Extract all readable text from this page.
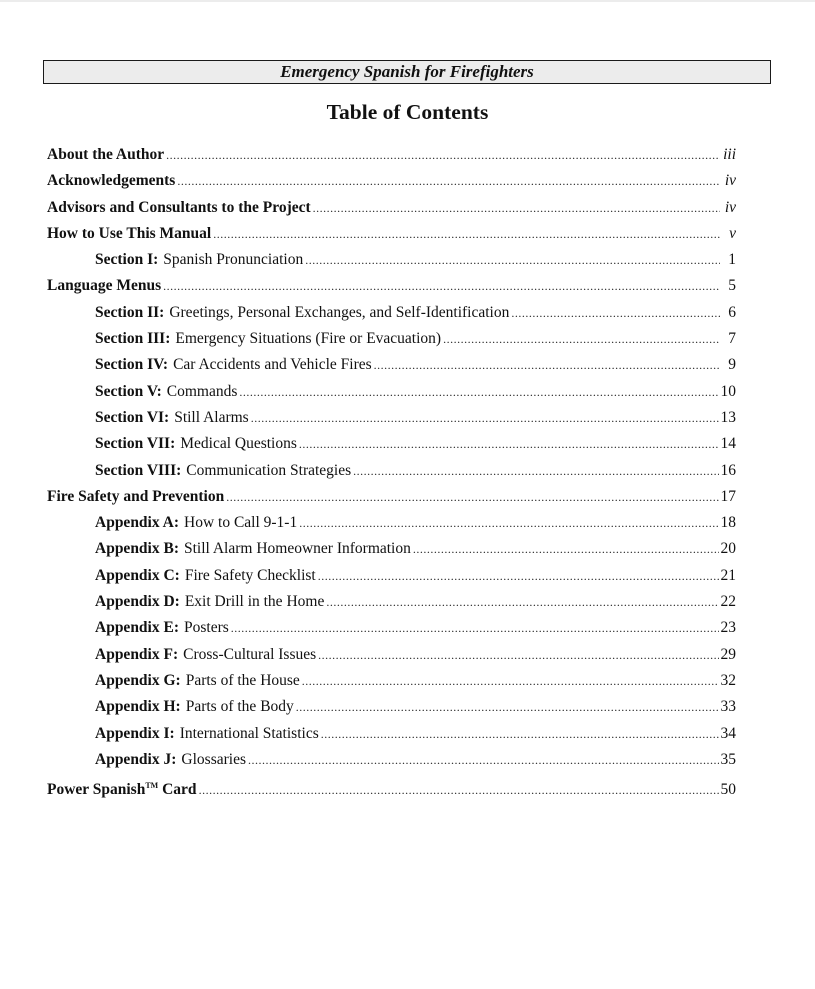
Emergency Spanish for Firefighters
Table of Contents
About the Author .....	iii
Acknowledgements .....	iv
Advisors and Consultants to the Project .....	iv
How to Use This Manual .....	v
Section I: Spanish Pronunciation .....	1
Language Menus .....	5
Section II: Greetings, Personal Exchanges, and Self-Identification .....	6
Section III: Emergency Situations (Fire or Evacuation) .....	7
Section IV: Car Accidents and Vehicle Fires .....	9
Section V: Commands .....	10
Section VI: Still Alarms .....	13
Section VII: Medical Questions .....	14
Section VIII: Communication Strategies .....	16
Fire Safety and Prevention .....	17
Appendix A: How to Call 9-1-1 .....	18
Appendix B: Still Alarm Homeowner Information .....	20
Appendix C: Fire Safety Checklist .....	21
Appendix D: Exit Drill in the Home .....	22
Appendix E: Posters .....	23
Appendix F: Cross-Cultural Issues .....	29
Appendix G: Parts of the House .....	32
Appendix H: Parts of the Body .....	33
Appendix I: International Statistics .....	34
Appendix J: Glossaries .....	35
Power Spanish™ Card .....	50
